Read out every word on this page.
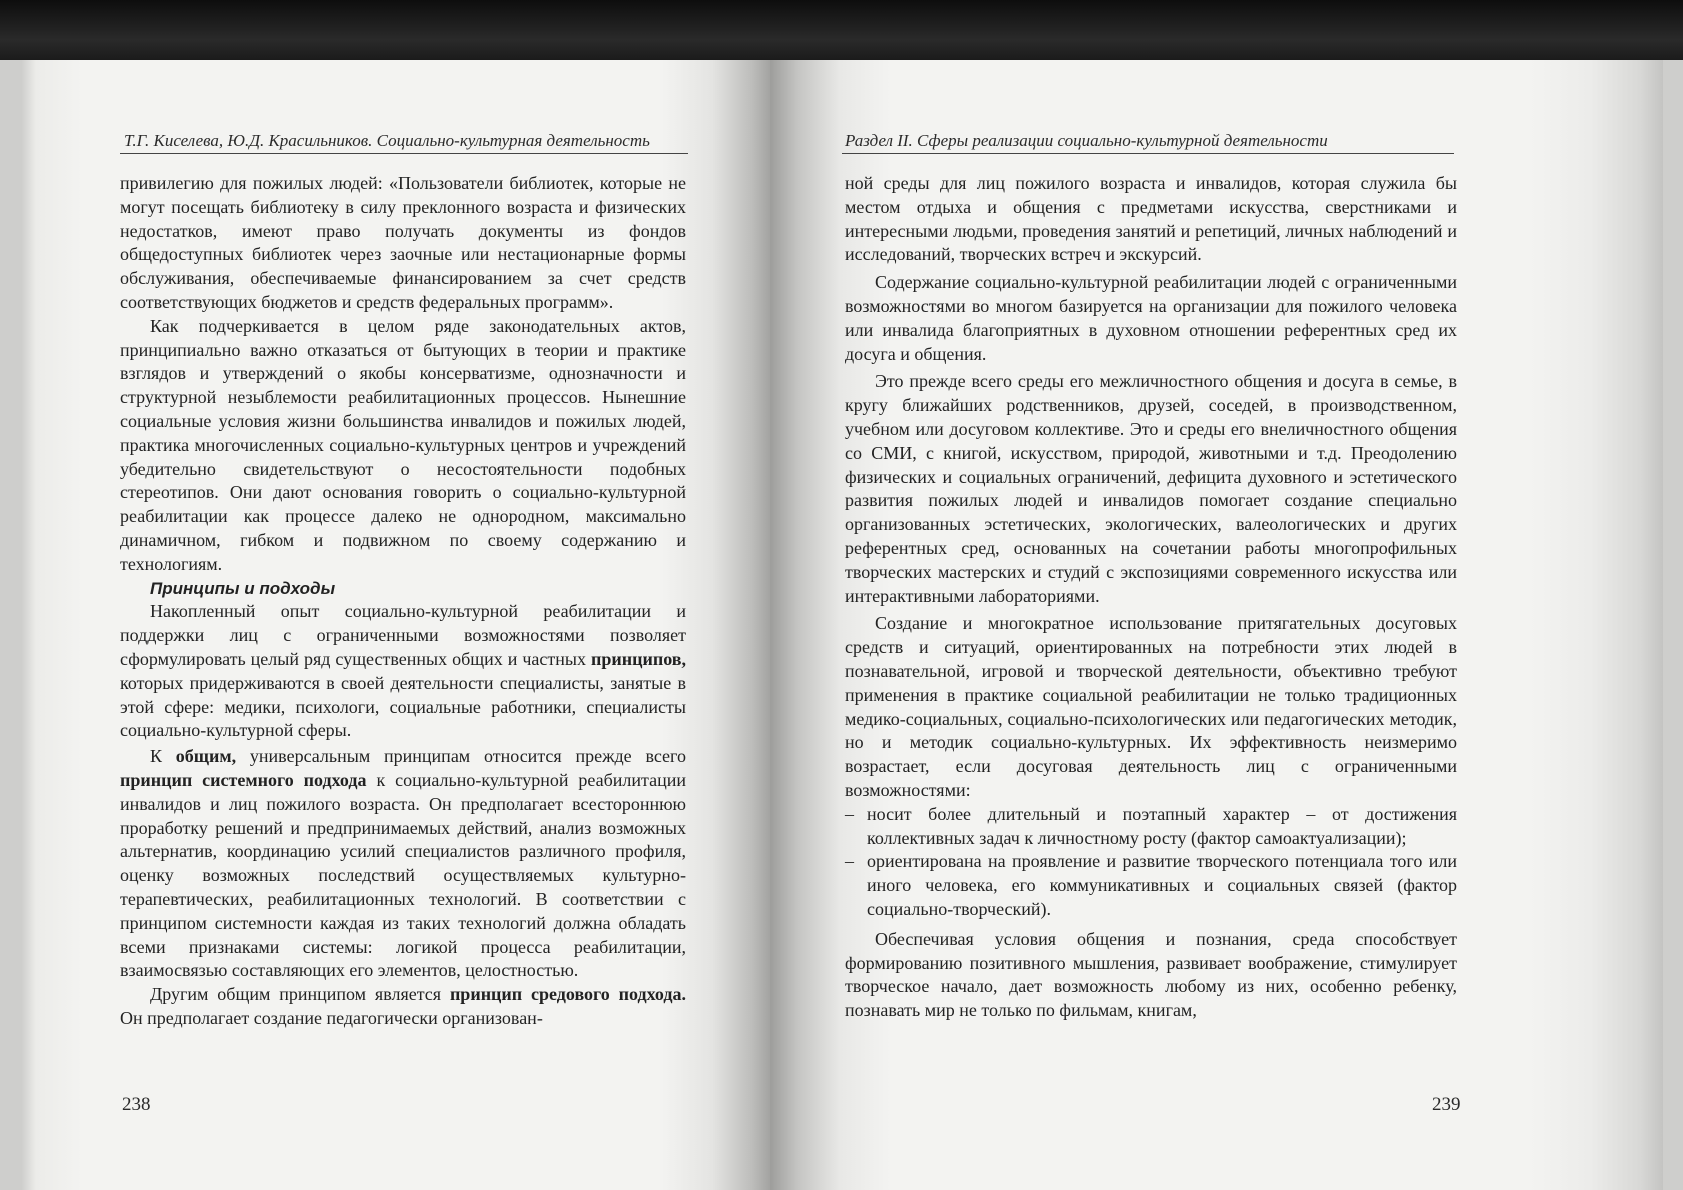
Т.Г. Киселева, Ю.Д. Красильников. Социально-культурная деятельность

привилегию для пожилых людей: «Пользователи библиотек, которые не могут посещать библиотеку в силу преклонного возраста и физических недостатков, имеют право получать документы из фондов общедоступных библиотек через заочные или нестационарные формы обслуживания, обеспечиваемые финансированием за счет средств соответствующих бюджетов и средств федеральных программ».

Как подчеркивается в целом ряде законодательных актов, принципиально важно отказаться от бытующих в теории и практике взглядов и утверждений о якобы консерватизме, однозначности и структурной незыблемости реабилитационных процессов. Нынешние социальные условия жизни большинства инвалидов и пожилых людей, практика многочисленных социально-культурных центров и учреждений убедительно свидетельствуют о несостоятельности подобных стереотипов. Они дают основания говорить о социально-культурной реабилитации как процессе далеко не однородном, максимально динамичном, гибком и подвижном по своему содержанию и технологиям.

Принципы и подходы

Накопленный опыт социально-культурной реабилитации и поддержки лиц с ограниченными возможностями позволяет сформулировать целый ряд существенных общих и частных принципов, которых придерживаются в своей деятельности специалисты, занятые в этой сфере: медики, психологи, социальные работники, специалисты социально-культурной сферы.

К общим, универсальным принципам относится прежде всего принцип системного подхода к социально-культурной реабилитации инвалидов и лиц пожилого возраста. Он предполагает всестороннюю проработку решений и предпринимаемых действий, анализ возможных альтернатив, координацию усилий специалистов различного профиля, оценку возможных последствий осуществляемых культурно-терапевтических, реабилитационных технологий. В соответствии с принципом системности каждая из таких технологий должна обладать всеми признаками системы: логикой процесса реабилитации, взаимосвязью составляющих его элементов, целостностью.

Другим общим принципом является принцип средового подхода. Он предполагает создание педагогически организован-

238
Раздел II. Сферы реализации социально-культурной деятельности

ной среды для лиц пожилого возраста и инвалидов, которая служила бы местом отдыха и общения с предметами искусства, сверстниками и интересными людьми, проведения занятий и репетиций, личных наблюдений и исследований, творческих встреч и экскурсий.

Содержание социально-культурной реабилитации людей с ограниченными возможностями во многом базируется на организации для пожилого человека или инвалида благоприятных в духовном отношении референтных сред их досуга и общения.

Это прежде всего среды его межличностного общения и досуга в семье, в кругу ближайших родственников, друзей, соседей, в производственном, учебном или досуговом коллективе. Это и среды его внеличностного общения со СМИ, с книгой, искусством, природой, животными и т.д. Преодолению физических и социальных ограничений, дефицита духовного и эстетического развития пожилых людей и инвалидов помогает создание специально организованных эстетических, экологических, валеологических и других референтных сред, основанных на сочетании работы многопрофильных творческих мастерских и студий с экспозициями современного искусства или интерактивными лабораториями.

Создание и многократное использование притягательных досуговых средств и ситуаций, ориентированных на потребности этих людей в познавательной, игровой и творческой деятельности, объективно требуют применения в практике социальной реабилитации не только традиционных медико-социальных, социально-психологических или педагогических методик, но и методик социально-культурных. Их эффективность неизмеримо возрастает, если досуговая деятельность лиц с ограниченными возможностями:

– носит более длительный и поэтапный характер – от достижения коллективных задач к личностному росту (фактор самоактуализации);
– ориентирована на проявление и развитие творческого потенциала того или иного человека, его коммуникативных и социальных связей (фактор социально-творческий).

Обеспечивая условия общения и познания, среда способствует формированию позитивного мышления, развивает воображение, стимулирует творческое начало, дает возможность любому из них, особенно ребенку, познавать мир не только по фильмам, книгам,

239
